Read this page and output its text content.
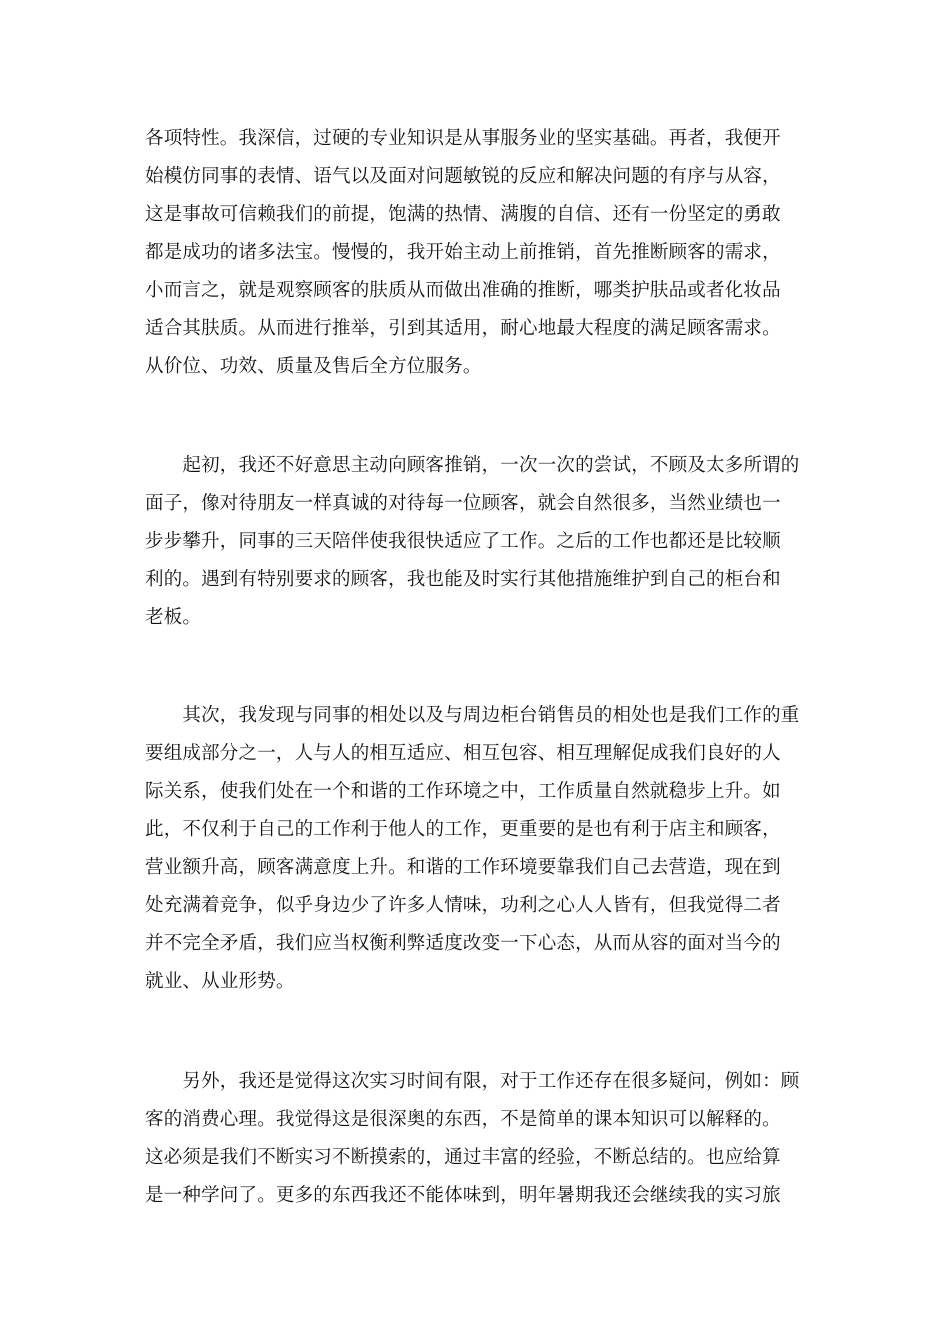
各项特性。我深信，过硬的专业知识是从事服务业的坚实基础。再者，我便开
始模仿同事的表情、语气以及面对问题敏锐的反应和解决问题的有序与从容，
这是事故可信赖我们的前提，饱满的热情、满腹的自信、还有一份坚定的勇敢
都是成功的诸多法宝。慢慢的，我开始主动上前推销，首先推断顾客的需求，
小而言之，就是观察顾客的肤质从而做出准确的推断，哪类护肤品或者化妆品
适合其肤质。从而进行推举，引到其适用，耐心地最大程度的满足顾客需求。
从价位、功效、质量及售后全方位服务。
　　起初，我还不好意思主动向顾客推销，一次一次的尝试，不顾及太多所谓的
面子，像对待朋友一样真诚的对待每一位顾客，就会自然很多，当然业绩也一
步步攀升，同事的三天陪伴使我很快适应了工作。之后的工作也都还是比较顺
利的。遇到有特别要求的顾客，我也能及时实行其他措施维护到自己的柜台和
老板。
　　其次，我发现与同事的相处以及与周边柜台销售员的相处也是我们工作的重
要组成部分之一，人与人的相互适应、相互包容、相互理解促成我们良好的人
际关系，使我们处在一个和谐的工作环境之中，工作质量自然就稳步上升。如
此，不仅利于自己的工作利于他人的工作，更重要的是也有利于店主和顾客，
营业额升高，顾客满意度上升。和谐的工作环境要靠我们自己去营造，现在到
处充满着竞争，似乎身边少了许多人情味，功利之心人人皆有，但我觉得二者
并不完全矛盾，我们应当权衡利弊适度改变一下心态，从而从容的面对当今的
就业、从业形势。
　　另外，我还是觉得这次实习时间有限，对于工作还存在很多疑问，例如：顾
客的消费心理。我觉得这是很深奥的东西，不是简单的课本知识可以解释的。
这必须是我们不断实习不断摸索的，通过丰富的经验，不断总结的。也应给算
是一种学问了。更多的东西我还不能体味到，明年暑期我还会继续我的实习旅
